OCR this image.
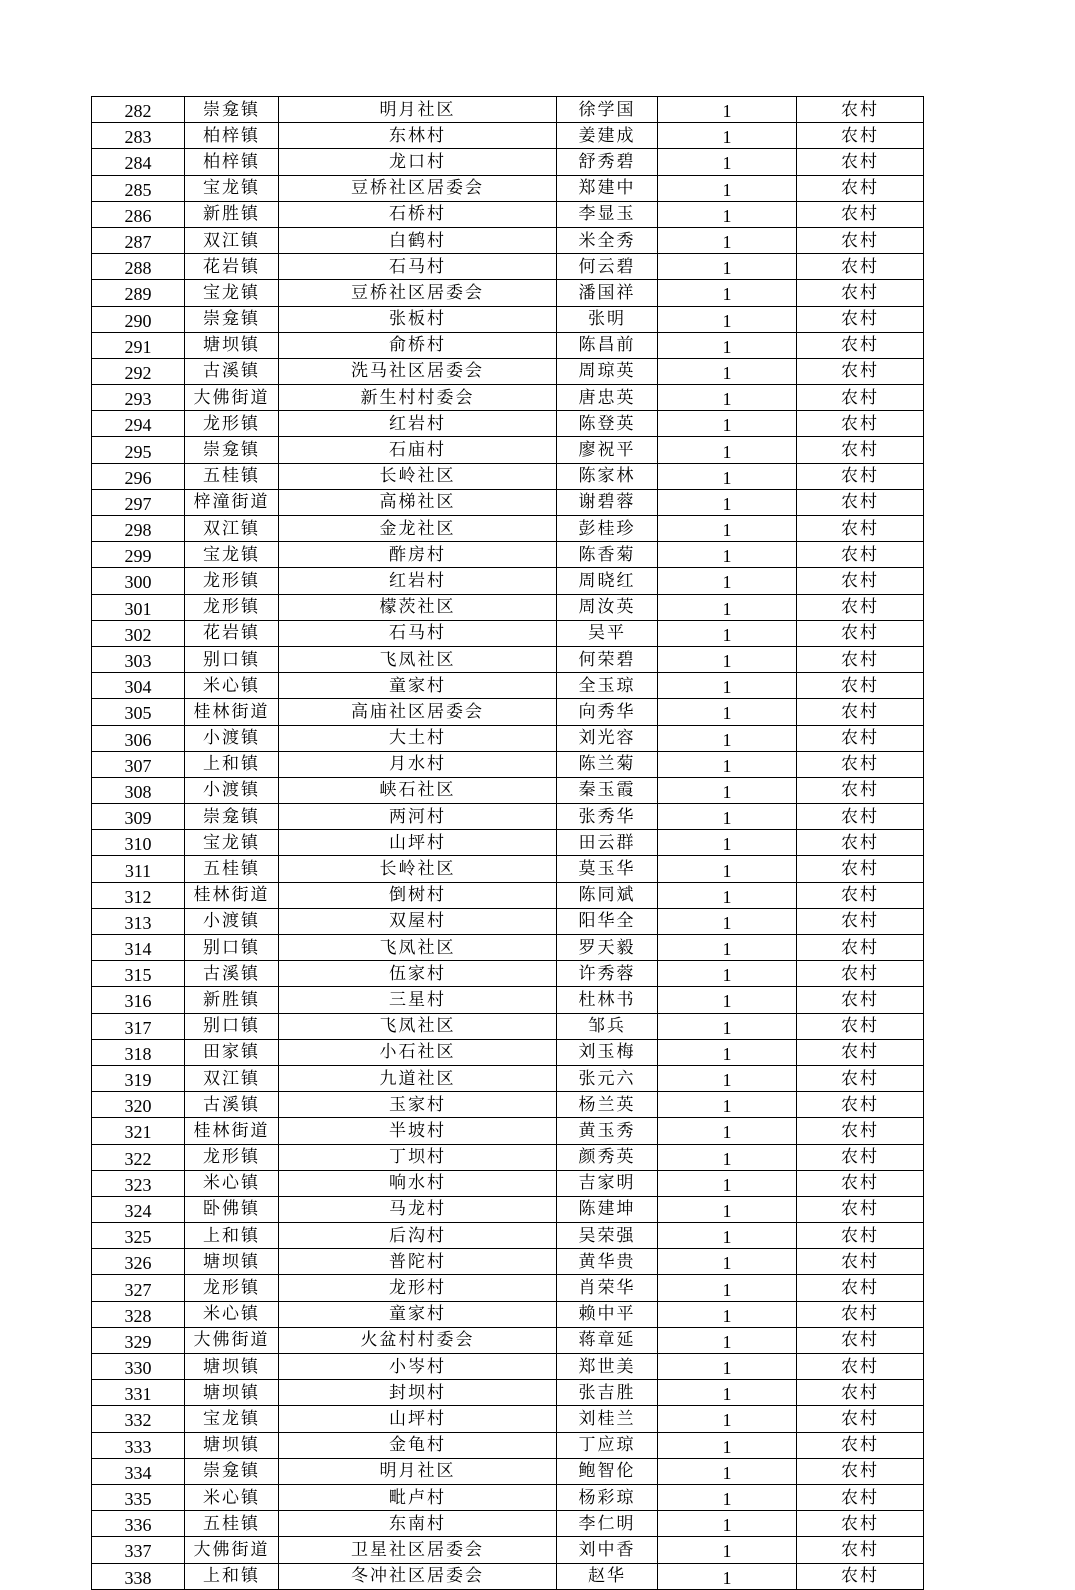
282	崇龛镇	明月社区	徐学国	1	农村
283	柏梓镇	东林村	姜建成	1	农村
284	柏梓镇	龙口村	舒秀碧	1	农村
285	宝龙镇	豆桥社区居委会	郑建中	1	农村
286	新胜镇	石桥村	李显玉	1	农村
287	双江镇	白鹤村	米全秀	1	农村
288	花岩镇	石马村	何云碧	1	农村
289	宝龙镇	豆桥社区居委会	潘国祥	1	农村
290	崇龛镇	张板村	张明	1	农村
291	塘坝镇	俞桥村	陈昌前	1	农村
292	古溪镇	洗马社区居委会	周琼英	1	农村
293	大佛街道	新生村村委会	唐忠英	1	农村
294	龙形镇	红岩村	陈登英	1	农村
295	崇龛镇	石庙村	廖祝平	1	农村
296	五桂镇	长岭社区	陈家林	1	农村
297	梓潼街道	高梯社区	谢碧蓉	1	农村
298	双江镇	金龙社区	彭桂珍	1	农村
299	宝龙镇	酢房村	陈香菊	1	农村
300	龙形镇	红岩村	周晓红	1	农村
301	龙形镇	檬茨社区	周汝英	1	农村
302	花岩镇	石马村	吴平	1	农村
303	别口镇	飞凤社区	何荣碧	1	农村
304	米心镇	童家村	全玉琼	1	农村
305	桂林街道	高庙社区居委会	向秀华	1	农村
306	小渡镇	大土村	刘光容	1	农村
307	上和镇	月水村	陈兰菊	1	农村
308	小渡镇	峡石社区	秦玉霞	1	农村
309	崇龛镇	两河村	张秀华	1	农村
310	宝龙镇	山坪村	田云群	1	农村
311	五桂镇	长岭社区	莫玉华	1	农村
312	桂林街道	倒树村	陈同斌	1	农村
313	小渡镇	双屋村	阳华全	1	农村
314	别口镇	飞凤社区	罗天毅	1	农村
315	古溪镇	伍家村	许秀蓉	1	农村
316	新胜镇	三星村	杜林书	1	农村
317	别口镇	飞凤社区	邹兵	1	农村
318	田家镇	小石社区	刘玉梅	1	农村
319	双江镇	九道社区	张元六	1	农村
320	古溪镇	玉家村	杨兰英	1	农村
321	桂林街道	半坡村	黄玉秀	1	农村
322	龙形镇	丁坝村	颜秀英	1	农村
323	米心镇	响水村	吉家明	1	农村
324	卧佛镇	马龙村	陈建坤	1	农村
325	上和镇	后沟村	吴荣强	1	农村
326	塘坝镇	普陀村	黄华贵	1	农村
327	龙形镇	龙形村	肖荣华	1	农村
328	米心镇	童家村	赖中平	1	农村
329	大佛街道	火盆村村委会	蒋章延	1	农村
330	塘坝镇	小岑村	郑世美	1	农村
331	塘坝镇	封坝村	张吉胜	1	农村
332	宝龙镇	山坪村	刘桂兰	1	农村
333	塘坝镇	金龟村	丁应琼	1	农村
334	崇龛镇	明月社区	鲍智伦	1	农村
335	米心镇	毗卢村	杨彩琼	1	农村
336	五桂镇	东南村	李仁明	1	农村
337	大佛街道	卫星社区居委会	刘中香	1	农村
338	上和镇	冬冲社区居委会	赵华	1	农村
